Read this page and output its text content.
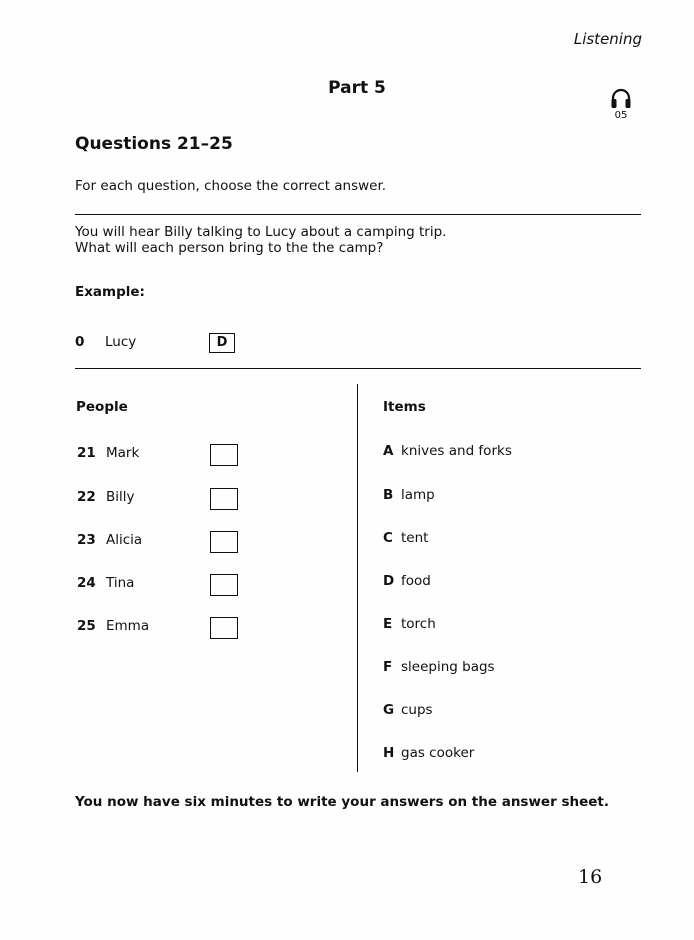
Listening
Part 5
05
Questions 21–25
For each question, choose the correct answer.
You will hear Billy talking to Lucy about a camping trip.
What will each person bring to the the camp?
Example:
0 Lucy	D
People	Items
21 Mark
22 Billy
23 Alicia
24 Tina
25 Emma
A knives and forks
B lamp
C tent
D food
E torch
F sleeping bags
G cups
H gas cooker
You now have six minutes to write your answers on the answer sheet.
16
